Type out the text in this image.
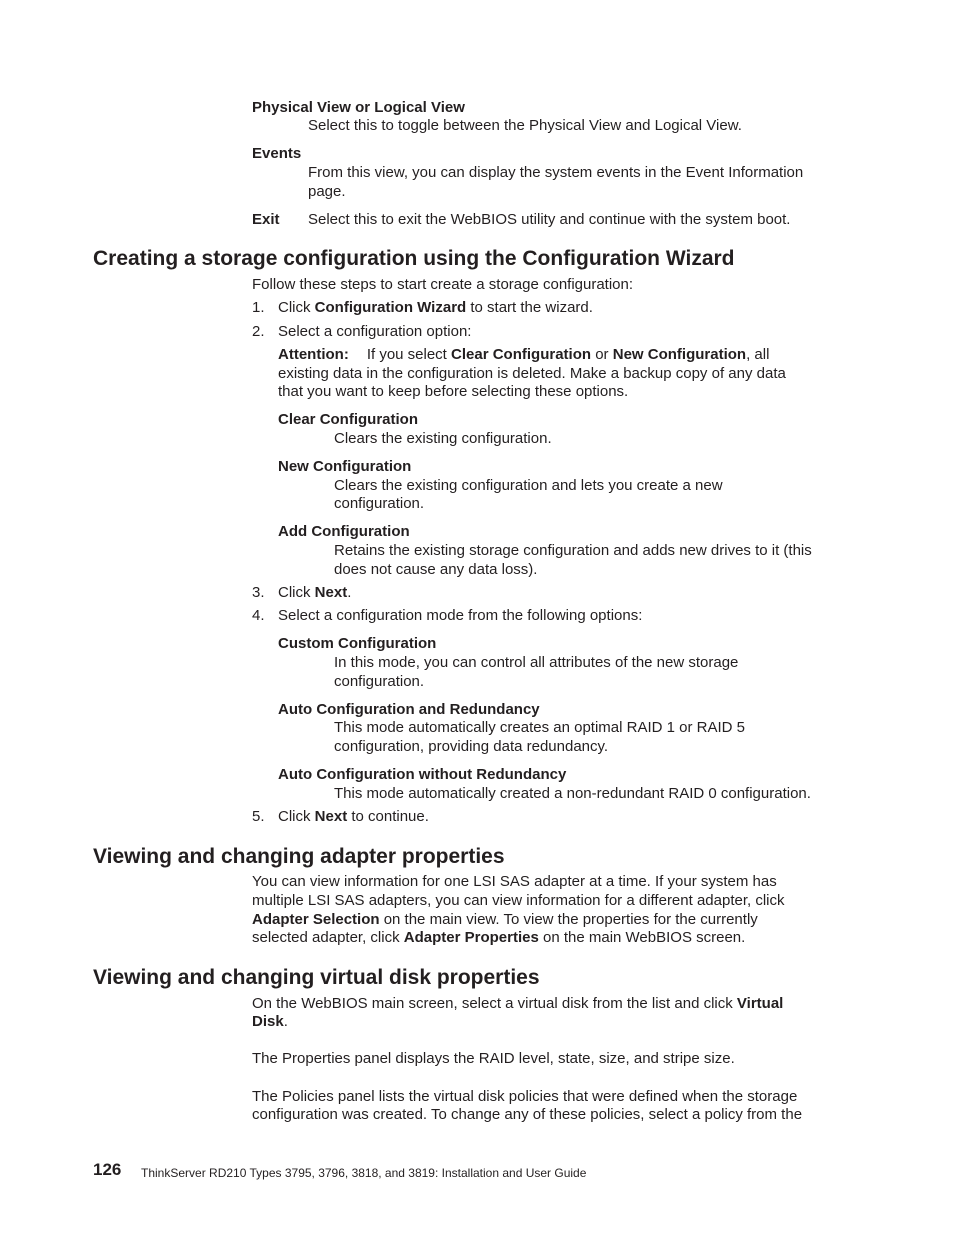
Physical View or Logical View
Select this to toggle between the Physical View and Logical View.
Events
From this view, you can display the system events in the Event Information
page.
Exit Select this to exit the WebBIOS utility and continue with the system boot.
Creating a storage configuration using the Configuration Wizard
Follow these steps to start create a storage configuration:
1. Click Configuration Wizard to start the wizard.
2. Select a configuration option:
Attention: If you select Clear Configuration or New Configuration, all
existing data in the configuration is deleted. Make a backup copy of any data
that you want to keep before selecting these options.
Clear Configuration
Clears the existing configuration.
New Configuration
Clears the existing configuration and lets you create a new
configuration.
Add Configuration
Retains the existing storage configuration and adds new drives to it (this
does not cause any data loss).
3. Click Next.
4. Select a configuration mode from the following options:
Custom Configuration
In this mode, you can control all attributes of the new storage
configuration.
Auto Configuration and Redundancy
This mode automatically creates an optimal RAID 1 or RAID 5
configuration, providing data redundancy.
Auto Configuration without Redundancy
This mode automatically created a non-redundant RAID 0 configuration.
5. Click Next to continue.
Viewing and changing adapter properties
You can view information for one LSI SAS adapter at a time. If your system has
multiple LSI SAS adapters, you can view information for a different adapter, click
Adapter Selection on the main view. To view the properties for the currently
selected adapter, click Adapter Properties on the main WebBIOS screen.
Viewing and changing virtual disk properties
On the WebBIOS main screen, select a virtual disk from the list and click Virtual
Disk.
The Properties panel displays the RAID level, state, size, and stripe size.
The Policies panel lists the virtual disk policies that were defined when the storage
configuration was created. To change any of these policies, select a policy from the
126 ThinkServer RD210 Types 3795, 3796, 3818, and 3819: Installation and User Guide
